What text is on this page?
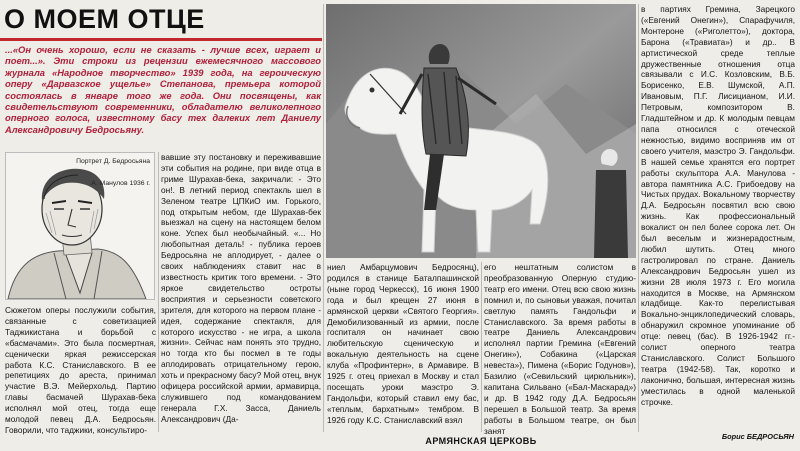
О МОЕМ ОТЦЕ

...«Он очень хорошо, если не сказать - лучше всех, играет и поет...». Эти строки из рецензии ежемесячного массового журнала «Народное творчество» 1939 года, на героическую оперу «Дарвазское ущелье» Степанова, премьера которой состоялась в январе того же года. Они посвящены, как свидетельствуют современники, обладателю великолепного оперного голоса, известному басу тех далеких лет Даниелу Александровичу Бедросьяну.

Портрет Д. Бедросьяна

А. Манулов 1936 г.

Сюжетом оперы послужили события, связанные с советизацией Таджикистана и борьбой с «басмачами». Это была посмертная, сценически яркая режиссерская работа К.С. Станиславского. В ее репетициях до ареста, принимал участие В.Э. Мейерхольд. Партию главы басмачей Шурахав-бека исполнял мой отец, тогда еще молодой певец Д.А. Бедросьян. Говорили, что таджики, консультиро-

вавшие эту постановку и переживавшие эти события на родине, при виде отца в гриме Шурахав-бека, закричали: - Это он!. В летний период спектакль шел в Зеленом театре ЦПКиО им. Горького, под открытым небом, где Шурахав-бек выезжал на сцену на настоящем белом коне. Успех был необычайный. «... Но любопытная деталь! - публика героев Бедросьяна не аплодирует, - далее о своих наблюдениях ставит нас в известность критик того времени. - Это яркое свидетельство остроты восприятия и серьезности советского зрителя, для которого на первом плане - идея, содержание спектакля, для которого искусство - не игра, а школа жизни». Сейчас нам понять это трудно, но тогда кто бы посмел в те годы аплодировать отрицательному герою, хоть и прекрасному басу? Мой отец, внук офицера российской армии, армавирца, служившего под командованием генерала Г.Х. Засса, Даниель Александрович (Да-

ниел Амбарцумович Бедросянц), родился в станице Баталпашинской (ныне город Черкесск), 16 июня 1900 года и был крещен 27 июня в армянской церкви «Святого Георгия». Демобилизованный из армии, после госпиталя он начинает свою любительскую сценическую и вокальную деятельность на сцене клуба «Профинтерн», в Армавире. В 1925 г. отец приехал в Москву и стал посещать уроки маэстро Э. Гандольфи, который ставил ему бас, «теплым, бархатным» тембром. В 1926 году К.С. Станиславский взял

его нештатным солистом в преобразованную Оперную студию-театр его имени. Отец всю свою жизнь помнил и, по сыновьи уважая, почитал светлую память Гандольфи и Станиславского. За время работы в театре Даниель Александрович исполнял партии Гремина («Евгений Онегин»), Собакина («Царская невеста»), Пимена («Борис Годунов»), Базилио («Севильский цирюльник»), капитана Сильвано («Бал-Маскарад») и др. В 1942 году Д.А. Бедросьян перешел в Большой театр. За время работы в Большом театре, он был занят

в партиях Гремина, Зарецкого («Евгений Онегин»), Спарафучиля, Монтероне («Риголетто»), доктора, Барона («Травиата») и др.. В артистической среде теплые дружественные отношения отца связывали с И.С. Козловским, В.Б. Борисенко, Е.В. Шумской, А.П. Ивановым, П.Г. Лисицианом, И.И. Петровым, композитором В. Гладштейном и др. К молодым певцам папа относился с отеческой нежностью, видимо восприняв им от своего учителя, маэстро Э. Гандольфи. В нашей семье хранятся его портрет работы скульптора А.А. Манулова - автора памятника А.С. Грибоедову на Чистых прудах. Вокальному творчеству Д.А. Бедросьян посвятил всю свою жизнь. Как профессиональный вокалист он пел более сорока лет. Он был веселым и жизнерадостным, любил шутить. Отец много гастролировал по стране. Даниель Александрович Бедросьян ушел из жизни 28 июля 1973 г. Его могила находится в Москве, на Армянском кладбище. Как-то перелистывая Вокально-энциклопедический словарь, обнаружил скромное упоминание об отце: певец (бас). В 1926-1942 гг.- солист оперного театра Станиславского. Солист Большого театра (1942-58). Так, коротко и лаконично, большая, интересная жизнь уместилась в одной маленькой строчке.

АРМЯНСКАЯ ЦЕРКОВЬ	Борис БЕДРОСЬЯН
